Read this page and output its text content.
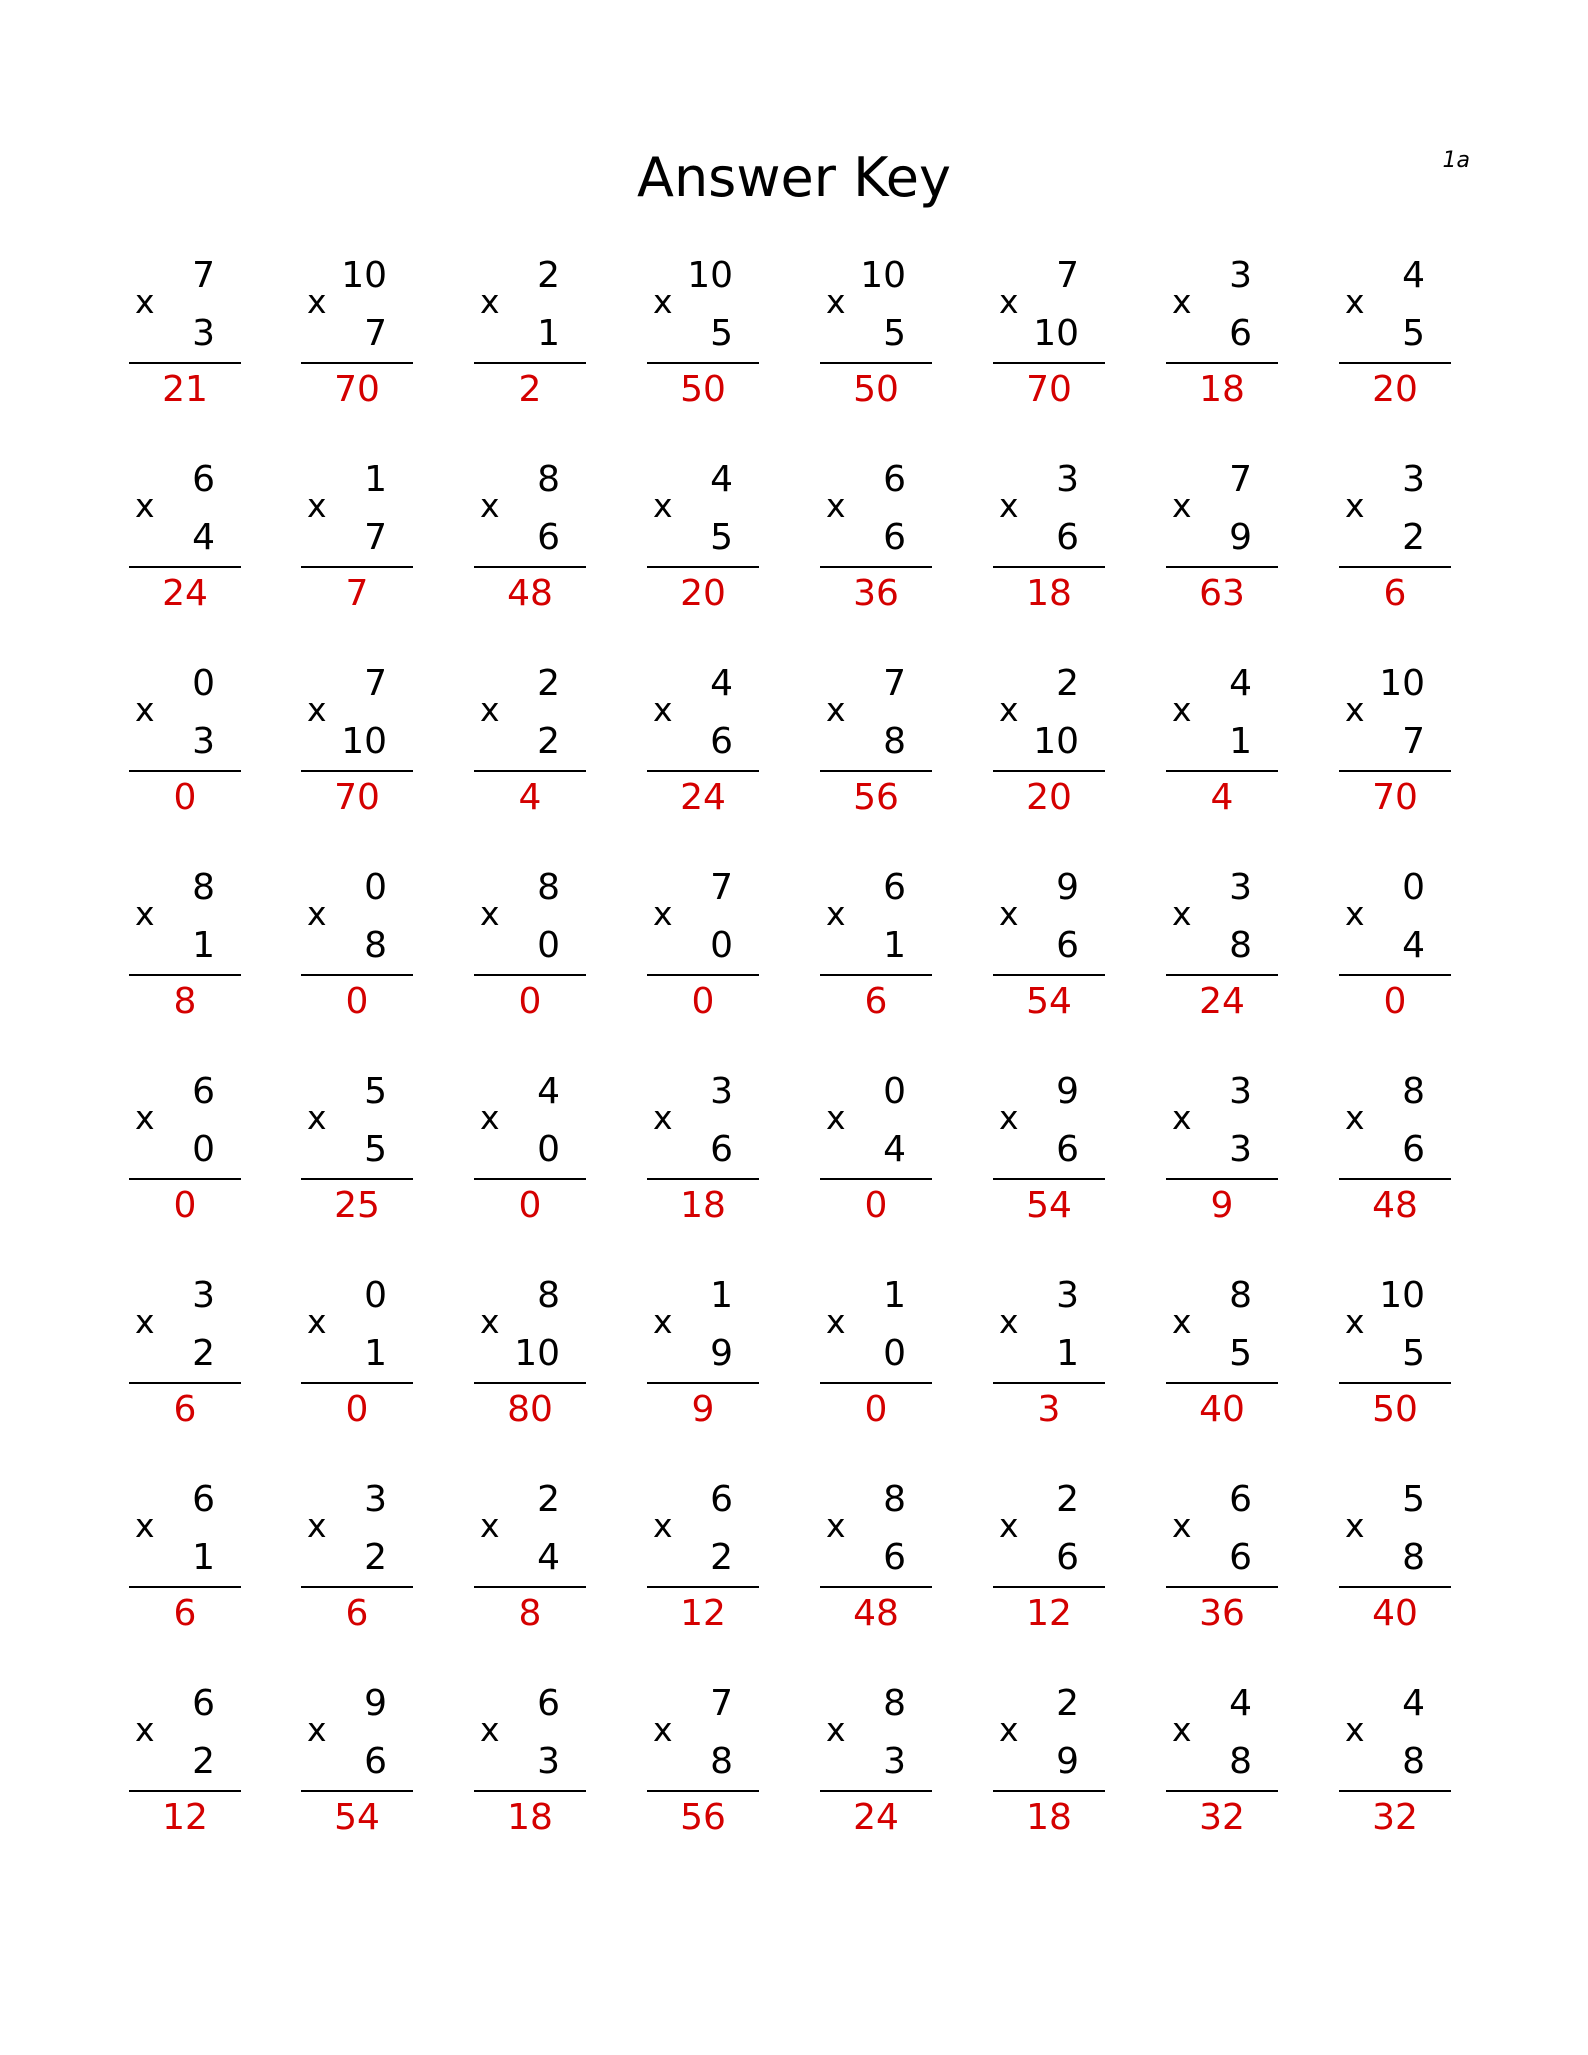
Answer Key	1a
x
7
3
21
x
10
7
70
x
2
1
2
x
10
5
50
x
10
5
50
x
7
10
70
x
3
6
18
x
4
5
20
x
6
4
24
x
1
7
7
x
8
6
48
x
4
5
20
x
6
6
36
x
3
6
18
x
7
9
63
x
3
2
6
x
0
3
0
x
7
10
70
x
2
2
4
x
4
6
24
x
7
8
56
x
2
10
20
x
4
1
4
x
10
7
70
x
8
1
8
x
0
8
0
x
8
0
0
x
7
0
0
x
6
1
6
x
9
6
54
x
3
8
24
x
0
4
0
x
6
0
0
x
5
5
25
x
4
0
0
x
3
6
18
x
0
4
0
x
9
6
54
x
3
3
9
x
8
6
48
x
3
2
6
x
0
1
0
x
8
10
80
x
1
9
9
x
1
0
0
x
3
1
3
x
8
5
40
x
10
5
50
x
6
1
6
x
3
2
6
x
2
4
8
x
6
2
12
x
8
6
48
x
2
6
12
x
6
6
36
x
5
8
40
x
6
2
12
x
9
6
54
x
6
3
18
x
7
8
56
x
8
3
24
x
2
9
18
x
4
8
32
x
4
8
32
